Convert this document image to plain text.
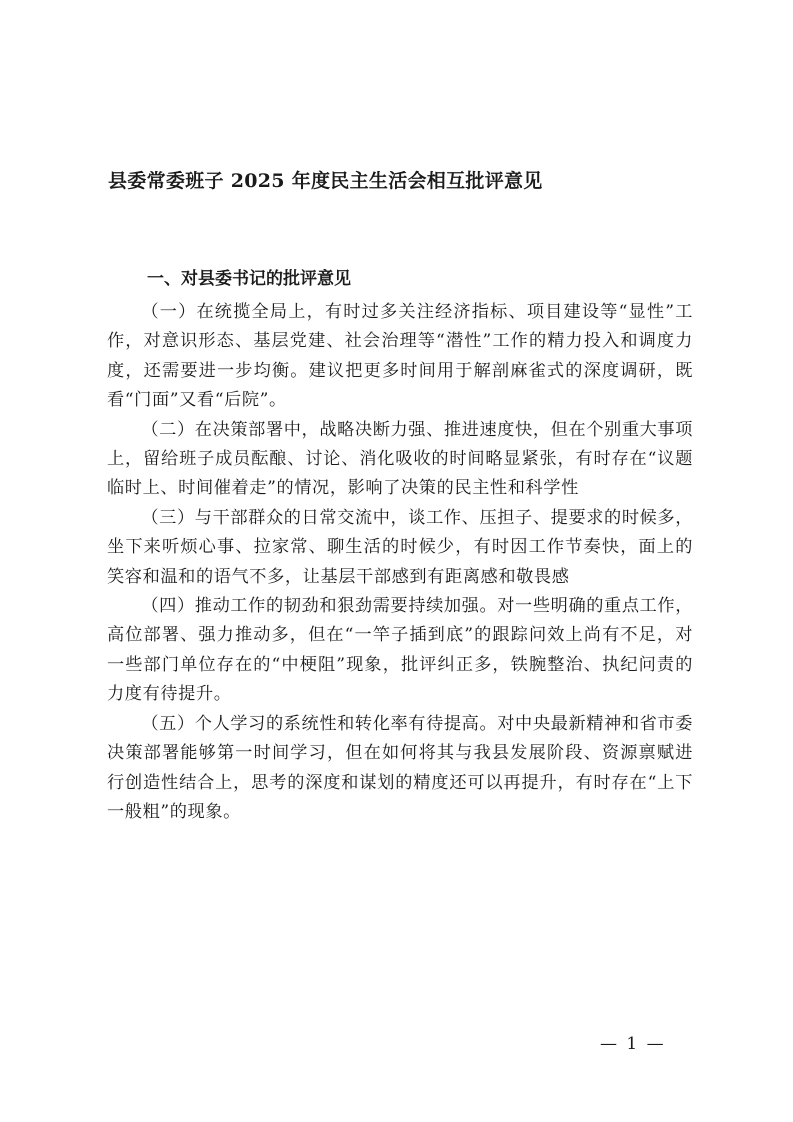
县委常委班子 2025 年度民主生活会相互批评意见
一、对县委书记的批评意见

（一）在统揽全局上，有时过多关注经济指标、项目建设等“显性”工作，对意识形态、基层党建、社会治理等“潜性”工作的精力投入和调度力度，还需要进一步均衡。建议把更多时间用于解剖麻雀式的深度调研，既看“门面”又看“后院”。

（二）在决策部署中，战略决断力强、推进速度快，但在个别重大事项上，留给班子成员酝酿、讨论、消化吸收的时间略显紧张，有时存在“议题临时上、时间催着走”的情况，影响了决策的民主性和科学性

（三）与干部群众的日常交流中，谈工作、压担子、提要求的时候多，坐下来听烦心事、拉家常、聊生活的时候少，有时因工作节奏快，面上的笑容和温和的语气不多，让基层干部感到有距离感和敬畏感

（四）推动工作的韧劲和狠劲需要持续加强。对一些明确的重点工作，高位部署、强力推动多，但在“一竿子插到底”的跟踪问效上尚有不足，对一些部门单位存在的“中梗阻”现象，批评纠正多，铁腕整治、执纪问责的力度有待提升。

（五）个人学习的系统性和转化率有待提高。对中央最新精神和省市委决策部署能够第一时间学习，但在如何将其与我县发展阶段、资源禀赋进行创造性结合上，思考的深度和谋划的精度还可以再提升，有时存在“上下一般粗”的现象。

— 1 —
